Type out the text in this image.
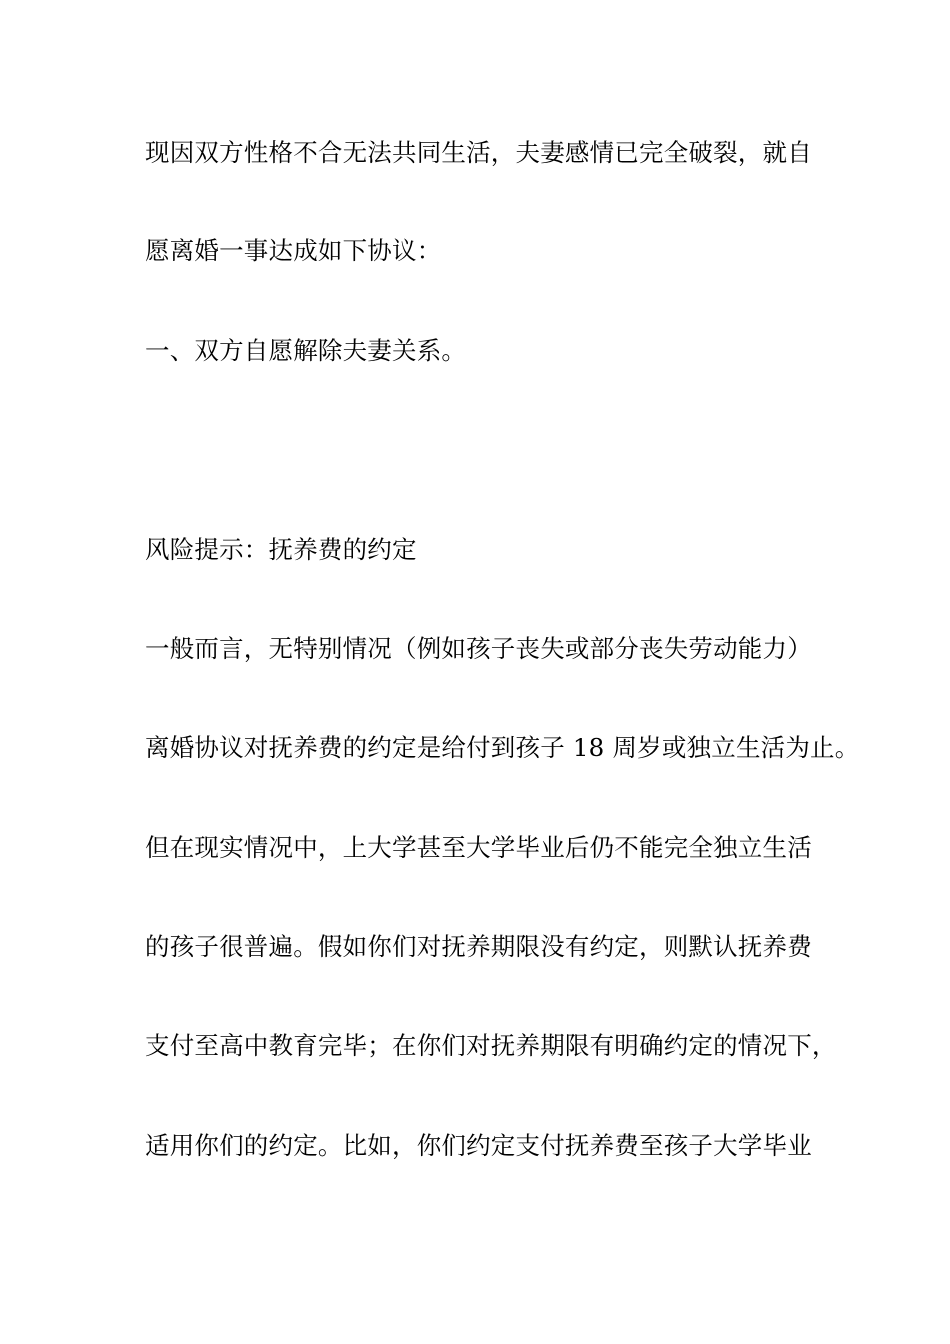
现因双方性格不合无法共同生活，夫妻感情已完全破裂，就自
愿离婚一事达成如下协议：
一、双方自愿解除夫妻关系。
风险提示：抚养费的约定
一般而言，无特别情况（例如孩子丧失或部分丧失劳动能力）
离婚协议对抚养费的约定是给付到孩子 18 周岁或独立生活为止。
但在现实情况中，上大学甚至大学毕业后仍不能完全独立生活
的孩子很普遍。假如你们对抚养期限没有约定，则默认抚养费
支付至高中教育完毕；在你们对抚养期限有明确约定的情况下，
适用你们的约定。比如，你们约定支付抚养费至孩子大学毕业
